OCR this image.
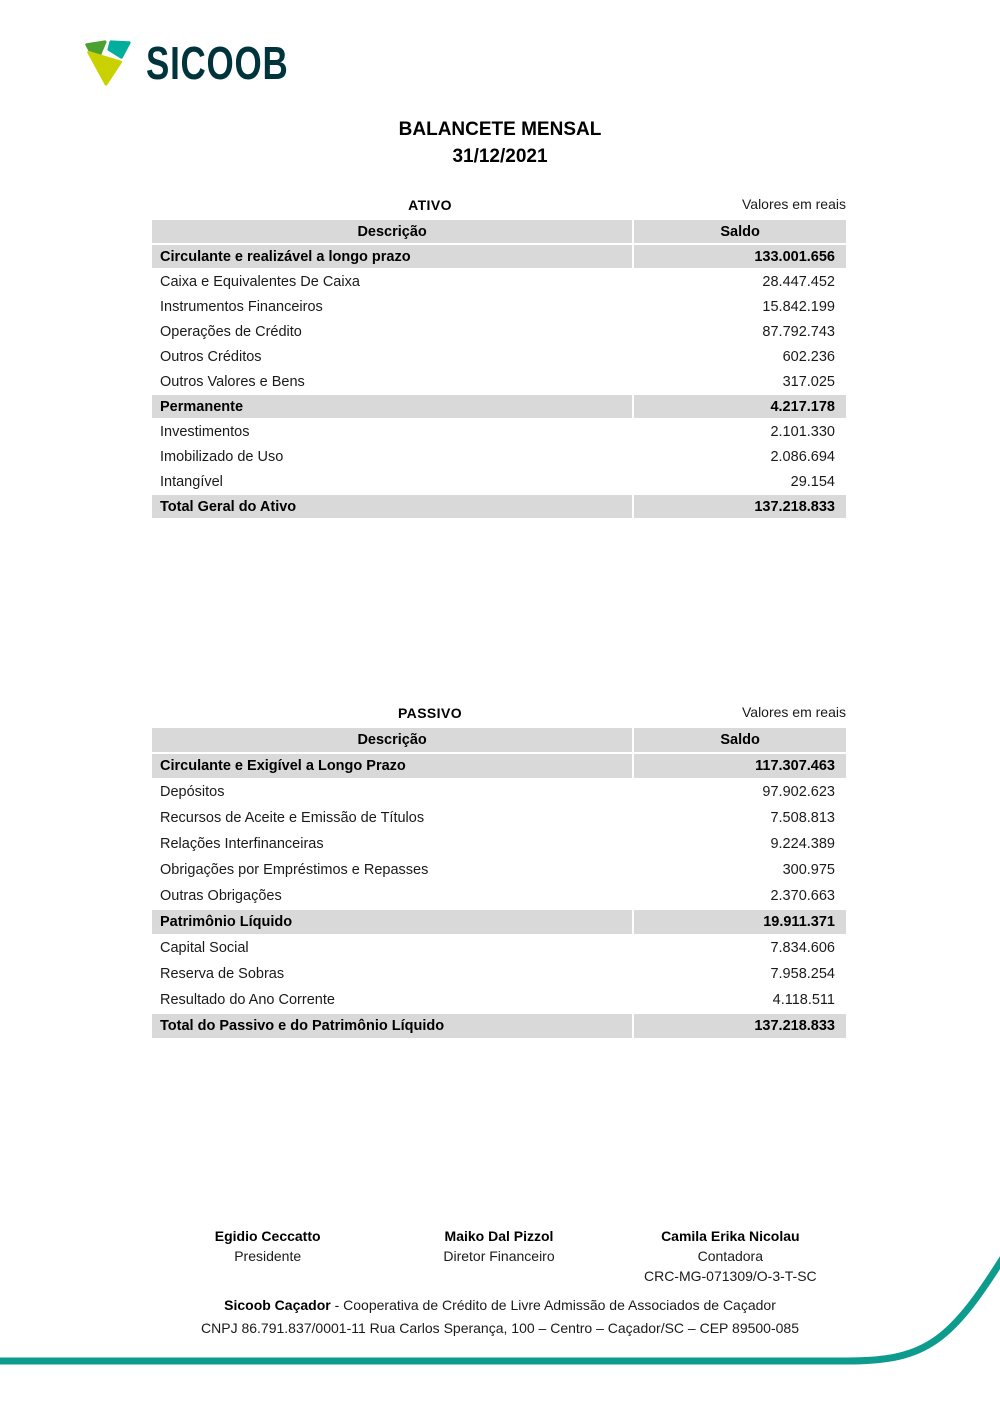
SICOOB
BALANCETE MENSAL
31/12/2021
ATIVO	Valores em reais
Descrição	Saldo
Circulante e realizável a longo prazo	133.001.656
Caixa e Equivalentes De Caixa	28.447.452
Instrumentos Financeiros	15.842.199
Operações de Crédito	87.792.743
Outros Créditos	602.236
Outros Valores e Bens	317.025
Permanente	4.217.178
Investimentos	2.101.330
Imobilizado de Uso	2.086.694
Intangível	29.154
Total Geral do Ativo	137.218.833
PASSIVO	Valores em reais
Descrição	Saldo
Circulante e Exigível a Longo Prazo	117.307.463
Depósitos	97.902.623
Recursos de Aceite e Emissão de Títulos	7.508.813
Relações Interfinanceiras	9.224.389
Obrigações por Empréstimos e Repasses	300.975
Outras Obrigações	2.370.663
Patrimônio Líquido	19.911.371
Capital Social	7.834.606
Reserva de Sobras	7.958.254
Resultado do Ano Corrente	4.118.511
Total do Passivo e do Patrimônio Líquido	137.218.833
Egidio Ceccatto
Presidente
Maiko Dal Pizzol
Diretor Financeiro
Camila Erika Nicolau
Contadora
CRC-MG-071309/O-3-T-SC
Sicoob Caçador - Cooperativa de Crédito de Livre Admissão de Associados de Caçador
CNPJ 86.791.837/0001-11 Rua Carlos Sperança, 100 – Centro – Caçador/SC – CEP 89500-085
